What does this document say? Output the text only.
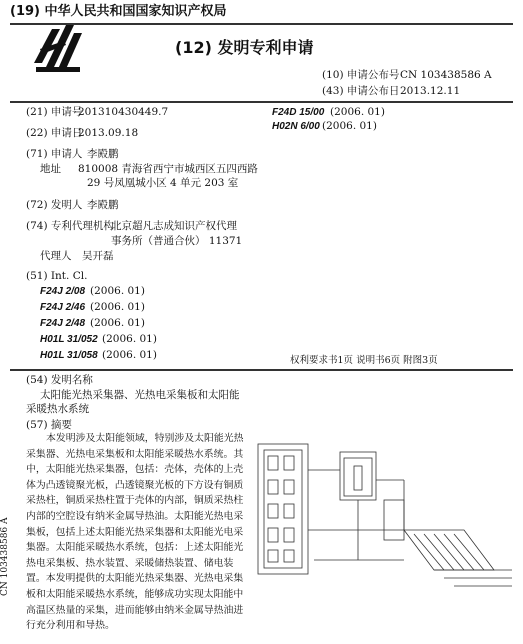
(19) 中华人民共和国国家知识产权局
(12) 发明专利申请
(10) 申请公布号 CN 103438586 A
(43) 申请公布日 2013.12.11
(21) 申请号
201310430449.7
(22) 申请日
2013.09.18
F24D 15/00 (2006. 01)
H02N 6/00 (2006. 01)
(71) 申请人 李殿鹏
地址 810008 青海省西宁市城西区五四西路
29 号凤凰城小区 4 单元 203 室
(72) 发明人 李殿鹏
(74) 专利代理机构
北京超凡志成知识产权代理
事务所（普通合伙） 11371
代理人 吴开磊
(51) Int. Cl.
F24J 2/08 (2006. 01)
F24J 2/46 (2006. 01)
F24J 2/48 (2006. 01)
H01L 31/052 (2006. 01)
H01L 31/058 (2006. 01)	权利要求书1页 说明书6页 附图3页
(54) 发明名称
太阳能光热采集器、光热电采集板和太阳能
采暖热水系统
(57) 摘要
本发明涉及太阳能领域，特别涉及太阳能光热采集器、光热电采集板和太阳能采暖热水系统。其中，太阳能光热采集器，包括：壳体，壳体的上壳体为凸透镜聚光板，凸透镜聚光板的下方设有铜质采热柱，铜质采热柱置于壳体的内部，铜质采热柱内部的空腔设有纳米金属导热油。太阳能光热电采集板，包括上述太阳能光热采集器和太阳能光电采集器。太阳能采暖热水系统，包括：上述太阳能光热电采集板、热水装置、采暖储热装置、储电装置。本发明提供的太阳能光热采集器、光热电采集板和太阳能采暖热水系统，能够成功实现太阳能中高温区热量的采集，进而能够由纳米金属导热油进行充分利用和导热。
CN 103438586 A
